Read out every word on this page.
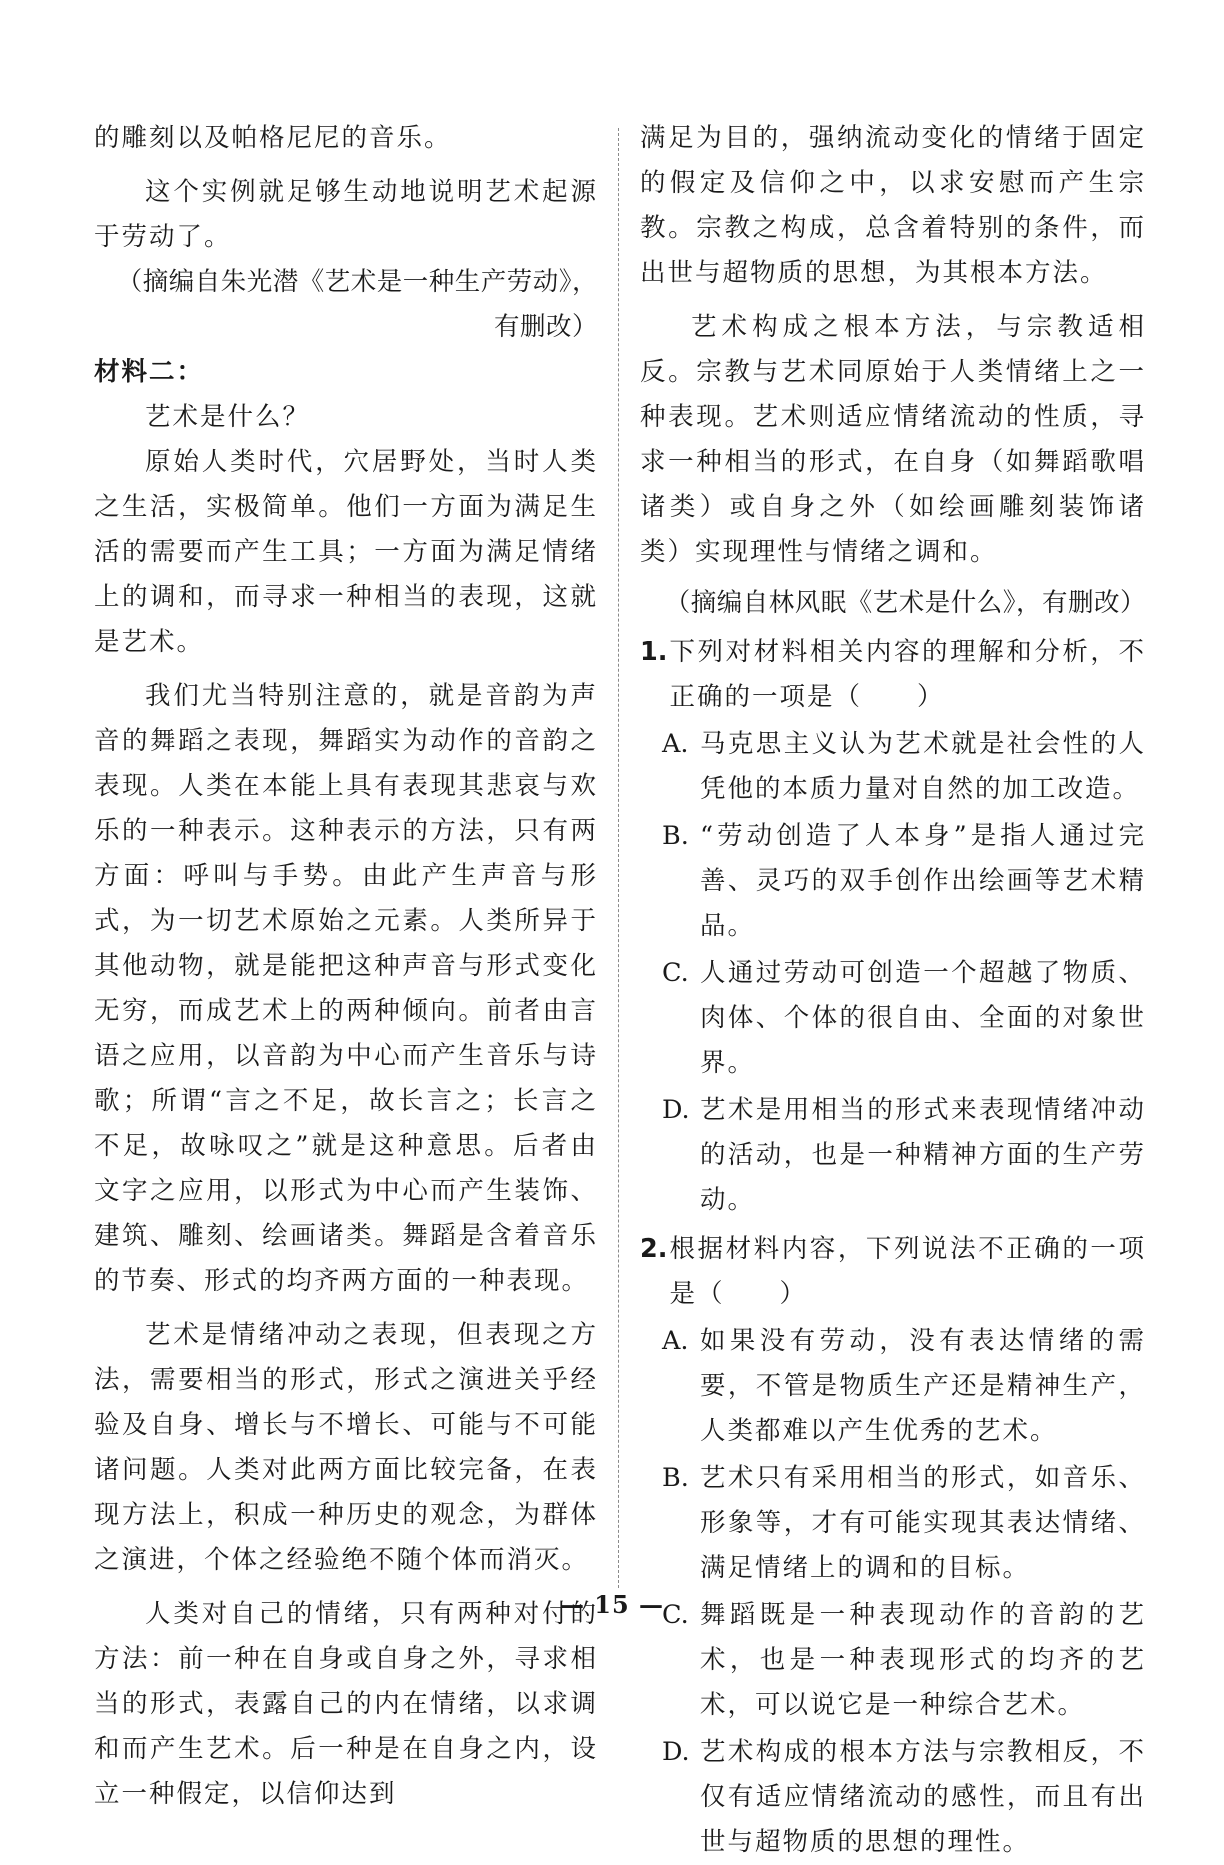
的雕刻以及帕格尼尼的音乐。

这个实例就足够生动地说明艺术起源于劳动了。

（摘编自朱光潜《艺术是一种生产劳动》，有删改）

材料二：

艺术是什么？

原始人类时代，穴居野处，当时人类之生活，实极简单。他们一方面为满足生活的需要而产生工具；一方面为满足情绪上的调和，而寻求一种相当的表现，这就是艺术。

我们尤当特别注意的，就是音韵为声音的舞蹈之表现，舞蹈实为动作的音韵之表现。人类在本能上具有表现其悲哀与欢乐的一种表示。这种表示的方法，只有两方面：呼叫与手势。由此产生声音与形式，为一切艺术原始之元素。人类所异于其他动物，就是能把这种声音与形式变化无穷，而成艺术上的两种倾向。前者由言语之应用，以音韵为中心而产生音乐与诗歌；所谓“言之不足，故长言之；长言之不足，故咏叹之”就是这种意思。后者由文字之应用，以形式为中心而产生装饰、建筑、雕刻、绘画诸类。舞蹈是含着音乐的节奏、形式的均齐两方面的一种表现。

艺术是情绪冲动之表现，但表现之方法，需要相当的形式，形式之演进关乎经验及自身、增长与不增长、可能与不可能诸问题。人类对此两方面比较完备，在表现方法上，积成一种历史的观念，为群体之演进，个体之经验绝不随个体而消灭。

人类对自己的情绪，只有两种对付的方法：前一种在自身或自身之外，寻求相当的形式，表露自己的内在情绪，以求调和而产生艺术。后一种是在自身之内，设立一种假定，以信仰达到

满足为目的，强纳流动变化的情绪于固定的假定及信仰之中，以求安慰而产生宗教。宗教之构成，总含着特别的条件，而出世与超物质的思想，为其根本方法。

艺术构成之根本方法，与宗教适相反。宗教与艺术同原始于人类情绪上之一种表现。艺术则适应情绪流动的性质，寻求一种相当的形式，在自身（如舞蹈歌唱诸类）或自身之外（如绘画雕刻装饰诸类）实现理性与情绪之调和。

（摘编自林风眠《艺术是什么》，有删改）

1. 下列对材料相关内容的理解和分析，不正确的一项是（　　）
A. 马克思主义认为艺术就是社会性的人凭他的本质力量对自然的加工改造。
B. “劳动创造了人本身”是指人通过完善、灵巧的双手创作出绘画等艺术精品。
C. 人通过劳动可创造一个超越了物质、肉体、个体的很自由、全面的对象世界。
D. 艺术是用相当的形式来表现情绪冲动的活动，也是一种精神方面的生产劳动。
2. 根据材料内容，下列说法不正确的一项是（　　）
A. 如果没有劳动，没有表达情绪的需要，不管是物质生产还是精神生产，人类都难以产生优秀的艺术。
B. 艺术只有采用相当的形式，如音乐、形象等，才有可能实现其表达情绪、满足情绪上的调和的目标。
C. 舞蹈既是一种表现动作的音韵的艺术，也是一种表现形式的均齐的艺术，可以说它是一种综合艺术。
D. 艺术构成的根本方法与宗教相反，不仅有适应情绪流动的感性，而且有出世与超物质的思想的理性。
— 15 —
